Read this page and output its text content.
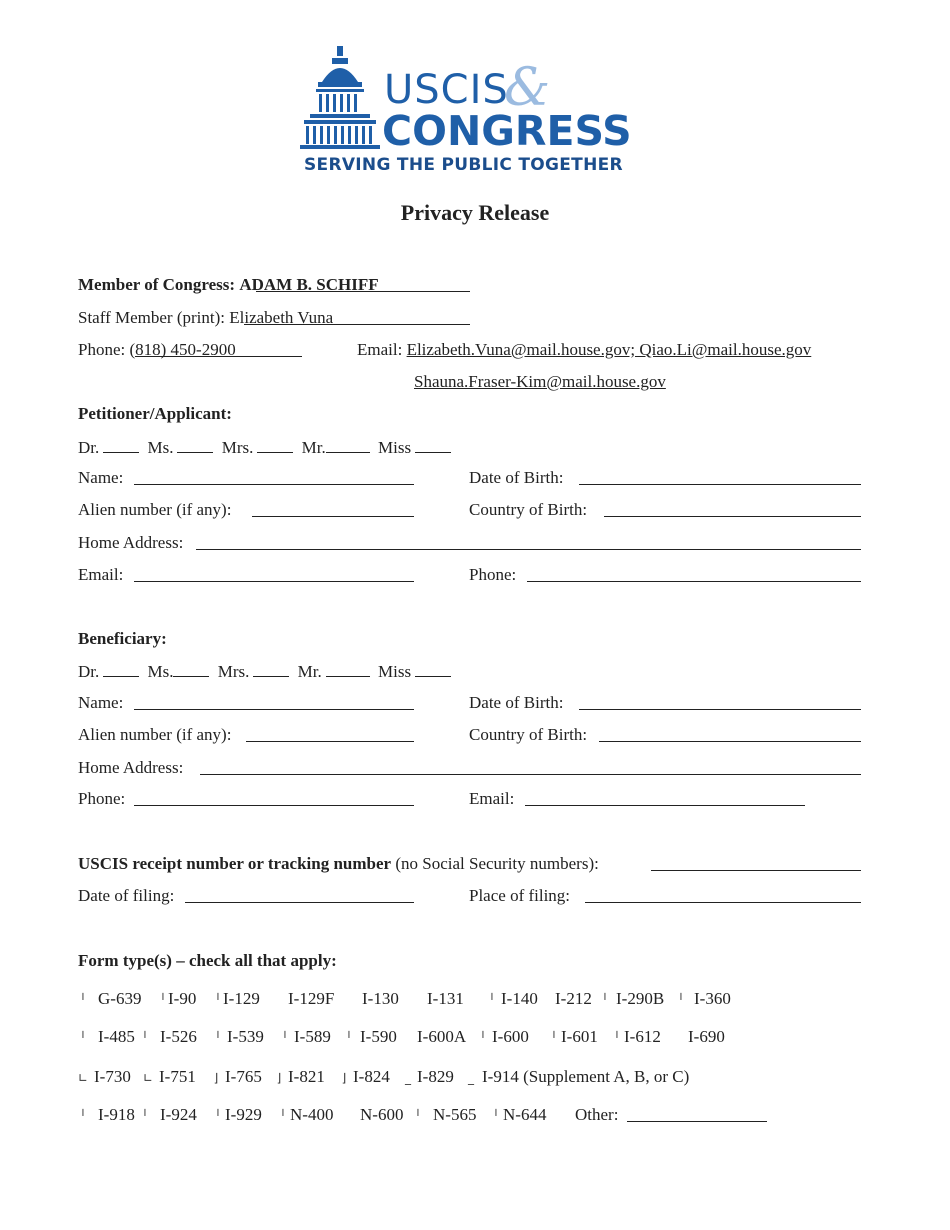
USCIS
&
CONGRESS
SERVING THE PUBLIC TOGETHER
Privacy Release
Member of Congress: ADAM B. SCHIFF
Staff Member (print): Elizabeth Vuna
Phone: (818) 450-2900	Email: Elizabeth.Vuna@mail.house.gov; Qiao.Li@mail.house.gov
Shauna.Fraser-Kim@mail.house.gov
Petitioner/Applicant:
Dr.	Ms.	Mrs.	Mr.	Miss
Name:	Date of Birth:
Alien number (if any):	Country of Birth:
Home Address:
Email:	Phone:
Beneficiary:
Dr.	Ms.	Mrs.	Mr.	Miss
Name:	Date of Birth:
Alien number (if any):	Country of Birth:
Home Address:
Phone:	Email:
USCIS receipt number or tracking number (no Social Security numbers):
Date of filing:	Place of filing:
Form type(s) – check all that apply:
╵ G-639 ╵I-90 ╵I-129 I-129F I-130 I-131 ╵ I-140 I-212 ╵ I-290B ╵ I-360
╵ I-485 ╵ I-526 ╵ I-539 ╵ I-589 ╵ I-590 I-600A ╵ I-600 ╵ I-601 ╵ I-612 I-690
∟ I-730 ∟ I-751 ⌋ I-765 ⌋ I-821 ⌋ I-824 _ I-829 _ I-914 (Supplement A, B, or C)
╵ I-918 ╵ I-924 ╵ I-929 ╵ N-400 N-600 ╵ N-565 ╵ N-644 Other:
